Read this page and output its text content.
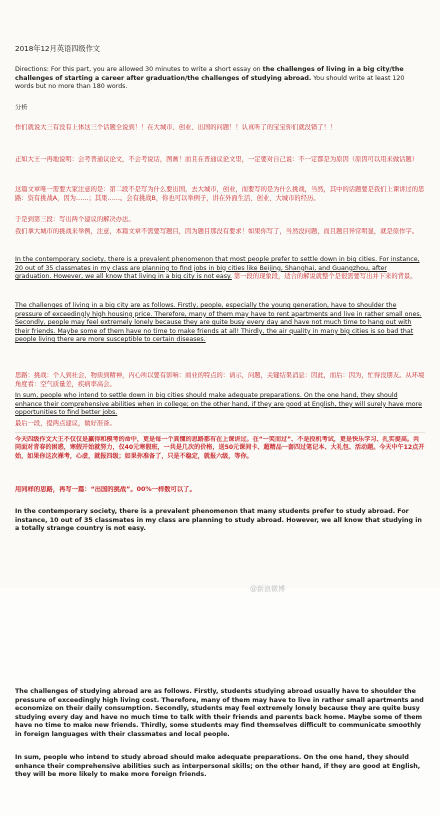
2018年12月英语四级作文

Directions: For this part, you are allowed 30 minutes to write a short essay on the challenges of living in a big city/the challenges of starting a career after graduation/the challenges of studying abroad. You should write at least 120 words but no more than 180 words.

分析

作们就说大三有没有上体这三个话题全说到！！在大城市、创业、出国的问题！！认真听了的宝宝你们就没错了！！

正如大王一再地说明：会考普通议论文，不会考说话，图画！而且在普通议论文里，一定要对自己说：不一定都是为原因（原因可以用来做话题）

这篇文章唯一需要大家注意的是：第二段不是写为什么要出国，去大城市，创业，而要写的是为什么挑战，当然，其中的话题要是我们上课讲过的思路：资有挑战A，因为……；其果……。会有挑战B，你也可以举例子，讲在外面生活、创业、大城市的经历。

于是到第三段：写出两个建议的解决办法。

我们拿大城市的挑战来举例，注意，本篇文章不需要写题目，因为题目那没有要求！如果你写了，当然没问题，而且题目异常明显，就是原作字。

In the contemporary society, there is a prevalent phenomenon that most people prefer to settle down in big cities. For instance, 20 out of 35 classmates in my class are planning to find jobs in big cities like Beijing, Shanghai, and Guangzhou, after graduation. However, we all know that living in a big city is not easy. 第一段的现象段，适合的解说就整个是很需要写出并下来的背景。

The challenges of living in a big city are as follows. Firstly, people, especially the young generation, have to shoulder the pressure of exceedingly high housing price. Therefore, many of them may have to rent apartments and live in rather small ones. Secondly, people may feel extremely lonely because they are quite busy every day and have not much time to hang out with their friends. Maybe some of them have no time to make friends at all! Thirdly, the air quality in many big cities is so bad that people living there are more susceptible to certain diseases.

思路：挑战：个人到社会，物质到精神，内心所以要有影响：商业的特点的：请示，问题，关键结果消息：因此，而后：因为，忙得没朋友。从环境角度看：空气质量差，疾病率高会。

In sum, people who intend to settle down in big cities should make adequate preparations. On the one hand, they should enhance their comprehensive abilities when in college; on the other hand, if they are good at English, they will surely have more opportunities to find better jobs.

最后一段，提两点建议，做好准备。

今天四级作文大王不仅仅是赢得和模考的命中，更是每一个真懂的思路都有在上课讲过。在“一笑而过”、不是投机考试，更是快乐学习、扎实提高。共同面对青春的困惑，寒假开始就努力，仅40元寒假班，一共是几次的价格，送50元课间卡、超精品一套四过笔记本、大礼包、活动题。今天中午12点开始，如果你这次裸考，心虚，就报四级；如果你准备了，只是不稳定，就报六级，等你。

用同样的思路，再写一篇：“出国的挑战”。00%一样数可以了。

In the contemporary society, there is a prevalent phenomenon that many students prefer to study abroad. For instance, 10 out of 35 classmates in my class are planning to study abroad. However, we all know that studying in a totally strange country is not easy.

@新浪微博

The challenges of studying abroad are as follows. Firstly, students studying abroad usually have to shoulder the pressure of exceedingly high living cost. Therefore, many of them may have to live in rather small apartments and economize on their daily consumption. Secondly, students may feel extremely lonely because they are quite busy studying every day and have no much time to talk with their friends and parents back home. Maybe some of them have no time to make new friends. Thirdly, some students may find themselves difficult to communicate smoothly in foreign languages with their classmates and local people.

In sum, people who intend to study abroad should make adequate preparations. On the one hand, they should enhance their comprehensive abilities such as interpersonal skills; on the other hand, if they are good at English, they will be more likely to make more foreign friends.
